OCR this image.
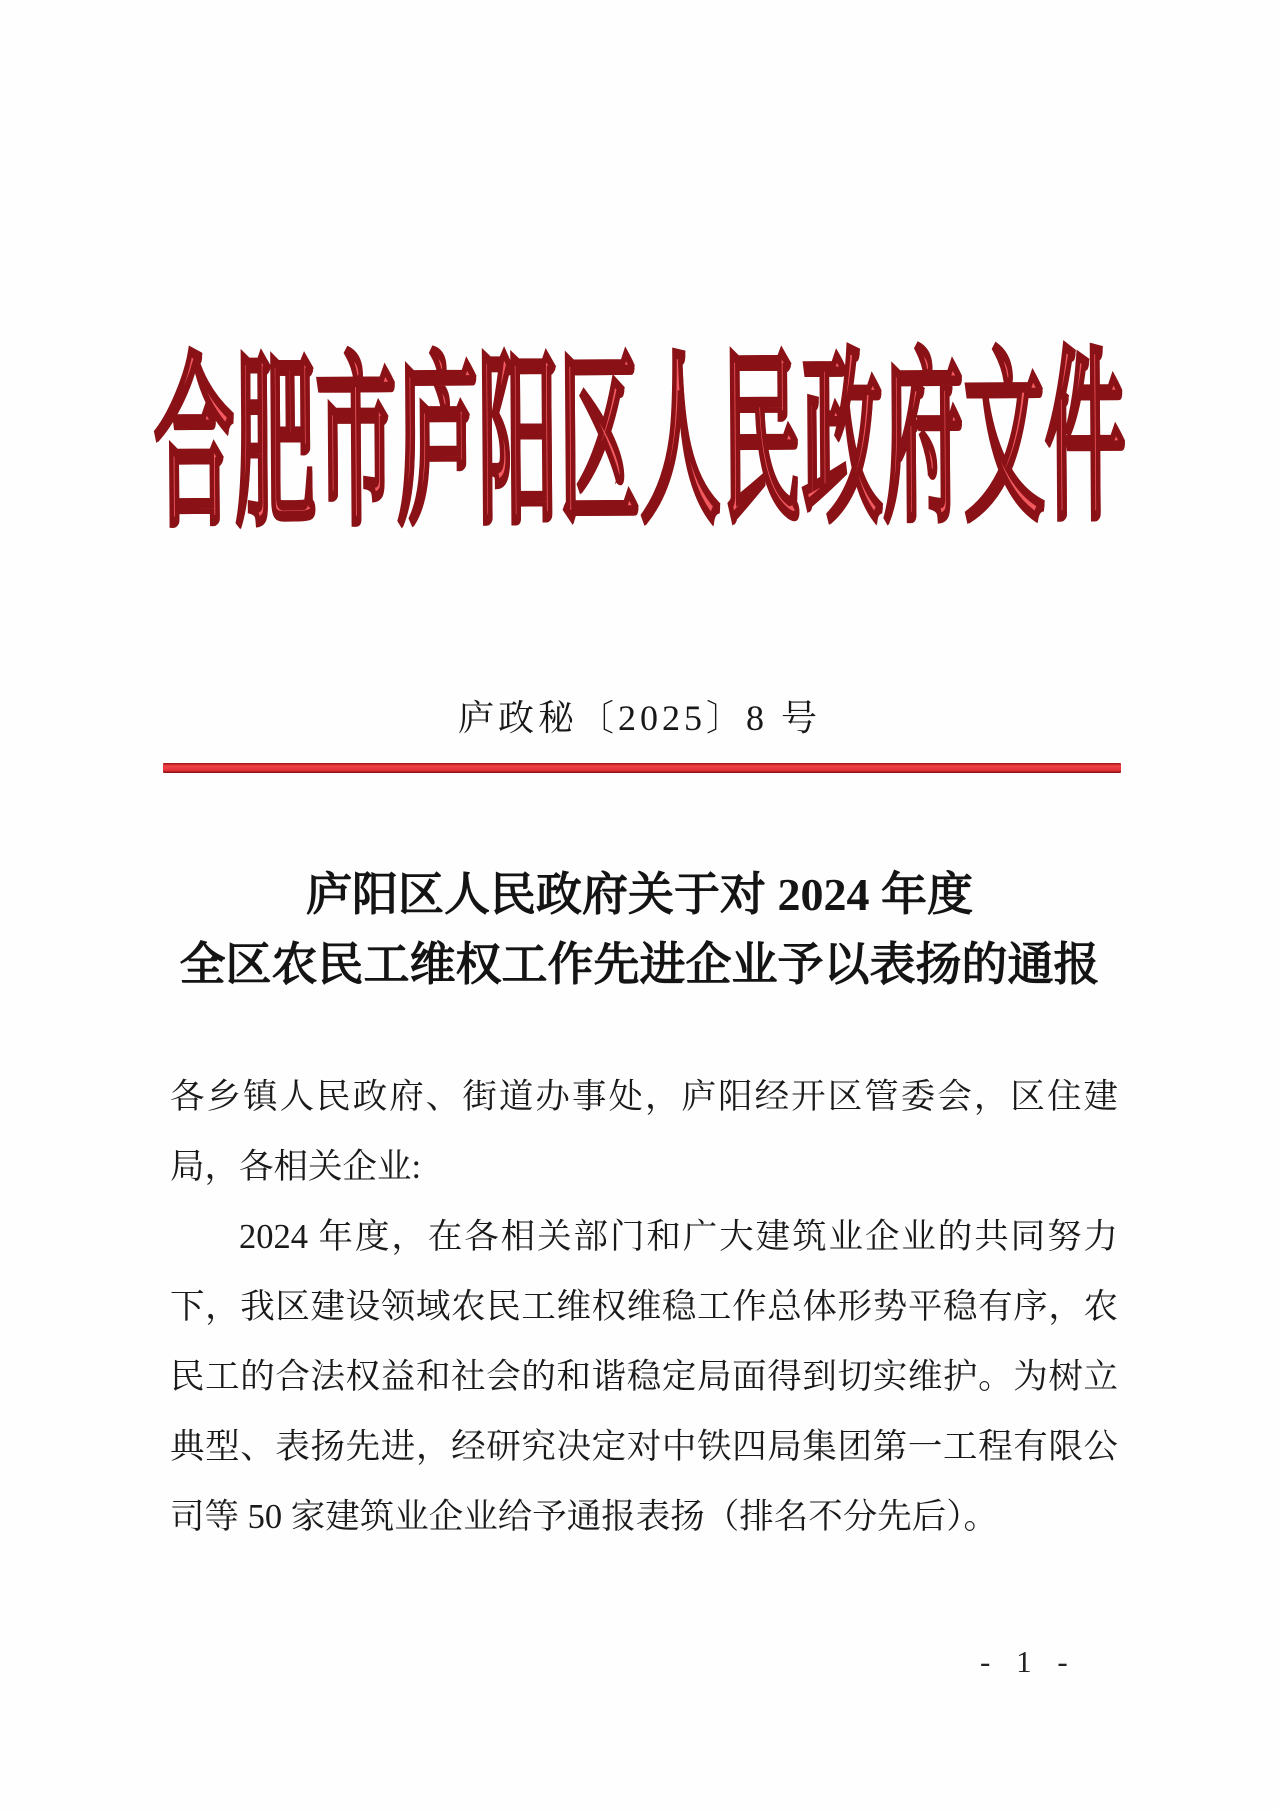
合肥市庐阳区人民政府文件
庐政秘〔2025〕8 号
庐阳区人民政府关于对 2024 年度
全区农民工维权工作先进企业予以表扬的通报

各乡镇人民政府、街道办事处，庐阳经开区管委会，区住建局，各相关企业:

2024 年度，在各相关部门和广大建筑业企业的共同努力下，我区建设领域农民工维权维稳工作总体形势平稳有序，农民工的合法权益和社会的和谐稳定局面得到切实维护。为树立典型、表扬先进，经研究决定对中铁四局集团第一工程有限公司等 50 家建筑业企业给予通报表扬（排名不分先后）。

- 1 -
